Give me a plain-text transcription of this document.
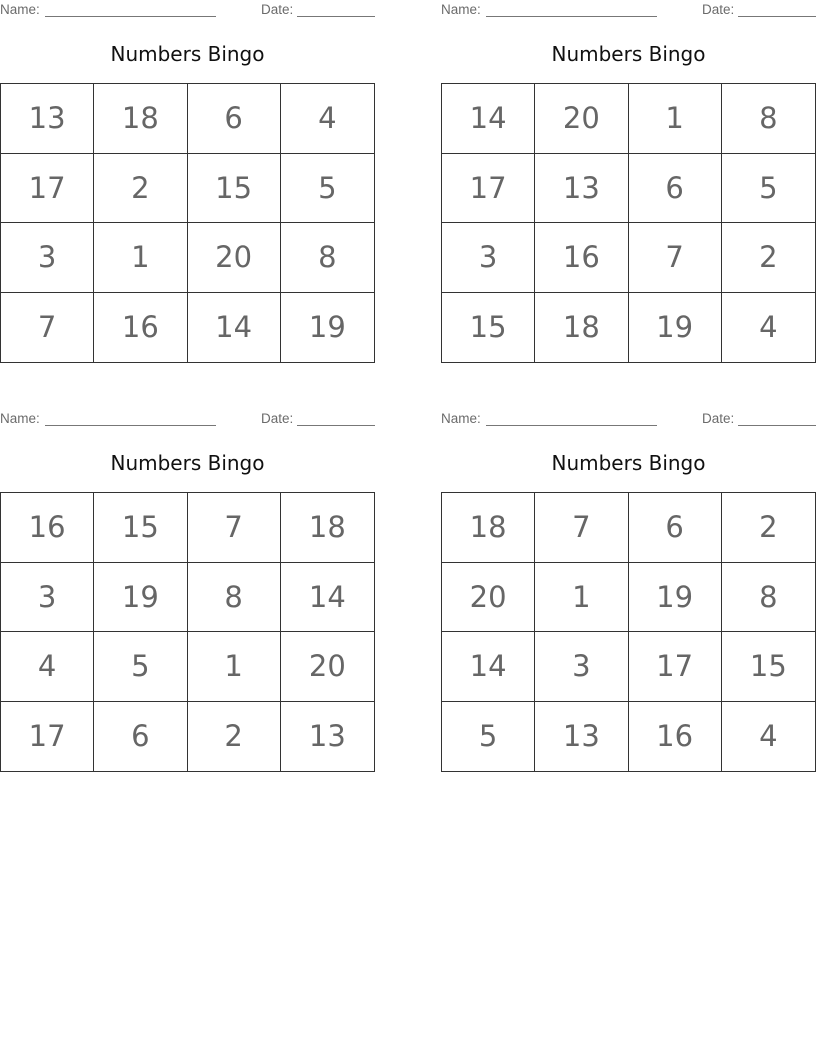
Name:	Date:
Numbers Bingo
13	18	6	4
17	2	15	5
3	1	20	8
7	16	14	19
Name:	Date:
Numbers Bingo
14	20	1	8
17	13	6	5
3	16	7	2
15	18	19	4
Name:	Date:
Numbers Bingo
16	15	7	18
3	19	8	14
4	5	1	20
17	6	2	13
Name:	Date:
Numbers Bingo
18	7	6	2
20	1	19	8
14	3	17	15
5	13	16	4
